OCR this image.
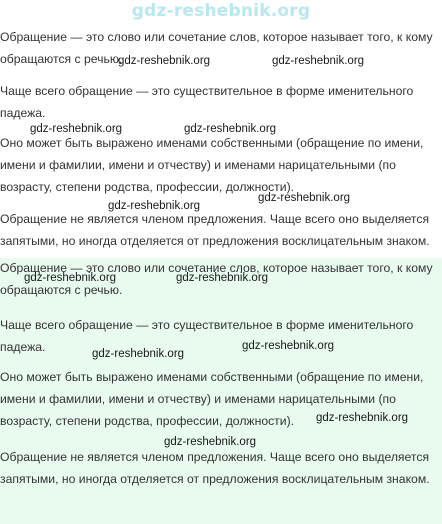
gdz-reshebnik.org
Обращение — это слово или сочетание слов, которое называет того, к кому обращаются с речью.
Чаще всего обращение — это существительное в форме именительного падежа.
Оно может быть выражено именами собственными (обращение по имени, имени и фамилии, имени и отчеству) и именами нарицательными (по возрасту, степени родства, профессии, должности).
Обращение не является членом предложения. Чаще всего оно выделяется запятыми, но иногда отделяется от предложения восклицательным знаком.
Обращение — это слово или сочетание слов, которое называет того, к кому обращаются с речью.
Чаще всего обращение — это существительное в форме именительного падежа.
Оно может быть выражено именами собственными (обращение по имени, имени и фамилии, имени и отчеству) и именами нарицательными (по возрасту, степени родства, профессии, должности).
Обращение не является членом предложения. Чаще всего оно выделяется запятыми, но иногда отделяется от предложения восклицательным знаком.
gdz-reshebnik.org	gdz-reshebnik.org
gdz-reshebnik.org	gdz-reshebnik.org
gdz-reshebnik.org
gdz-reshebnik.org
gdz-reshebnik.org	gdz-reshebnik.org
gdz-reshebnik.org
gdz-reshebnik.org
gdz-reshebnik.org
gdz-reshebnik.org
